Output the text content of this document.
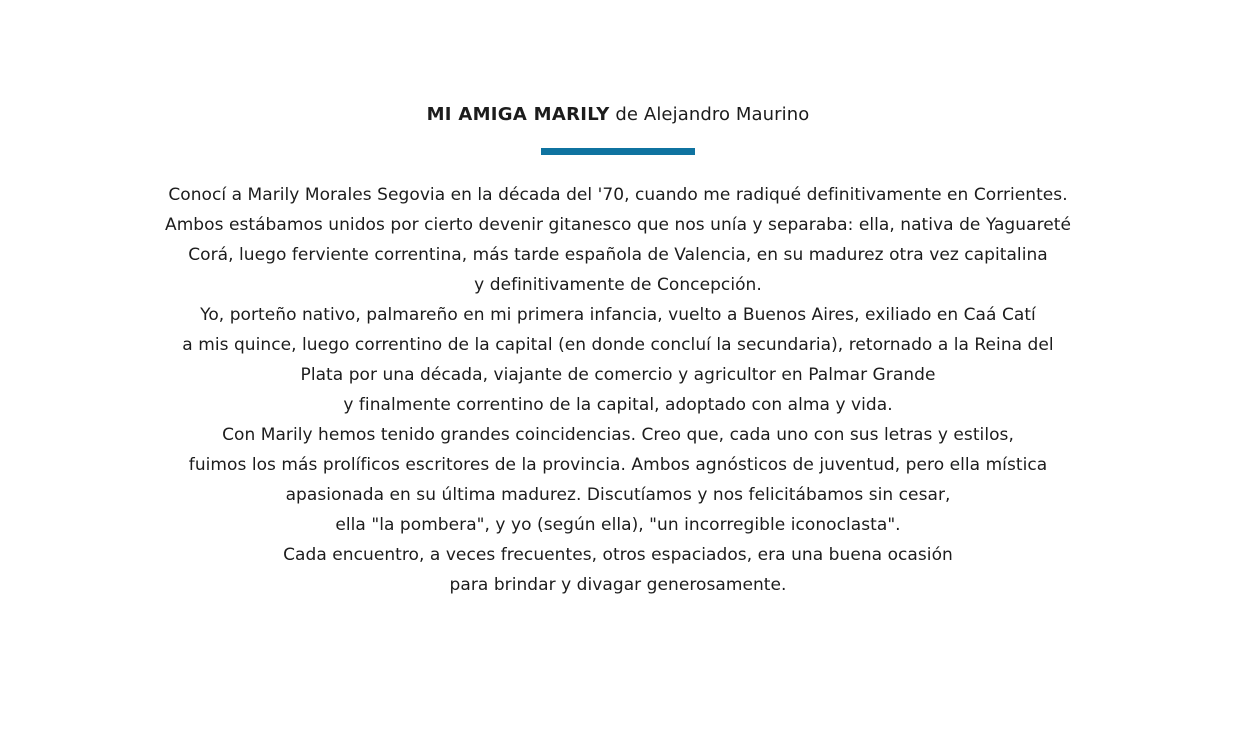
MI AMIGA MARILY de Alejandro Maurino
Conocí a Marily Morales Segovia en la década del '70, cuando me radiqué definitivamente en Corrientes.
Ambos estábamos unidos por cierto devenir gitanesco que nos unía y separaba: ella, nativa de Yaguareté
Corá, luego ferviente correntina, más tarde española de Valencia, en su madurez otra vez capitalina
y definitivamente de Concepción.
Yo, porteño nativo, palmareño en mi primera infancia, vuelto a Buenos Aires, exiliado en Caá Catí
a mis quince, luego correntino de la capital (en donde concluí la secundaria), retornado a la Reina del
Plata por una década, viajante de comercio y agricultor en Palmar Grande
y finalmente correntino de la capital, adoptado con alma y vida.
Con Marily hemos tenido grandes coincidencias. Creo que, cada uno con sus letras y estilos,
fuimos los más prolíficos escritores de la provincia. Ambos agnósticos de juventud, pero ella mística
apasionada en su última madurez. Discutíamos y nos felicitábamos sin cesar,
ella "la pombera", y yo (según ella), "un incorregible iconoclasta".
Cada encuentro, a veces frecuentes, otros espaciados, era una buena ocasión
para brindar y divagar generosamente.
